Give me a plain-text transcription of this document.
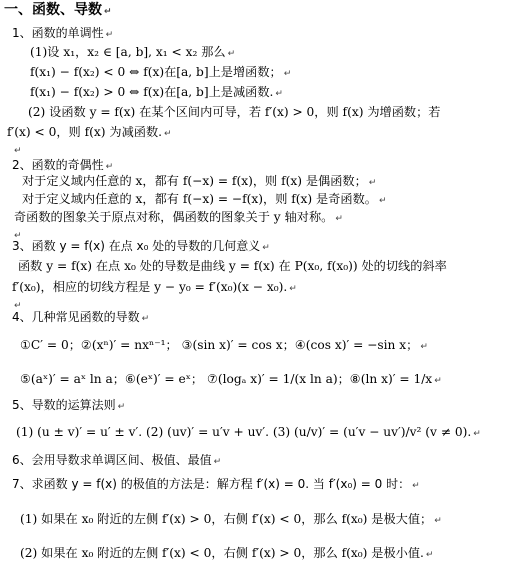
一、函数、导数 ↵
1、函数的单调性 ↵
(1)设 x₁，x₂ ∈ [a, b], x₁ < x₂ 那么 ↵
f(x₁) − f(x₂) < 0 ⇔ f(x)在[a, b]上是增函数； ↵
f(x₁) − f(x₂) > 0 ⇔ f(x)在[a, b]上是减函数. ↵
(2) 设函数 y = f(x) 在某个区间内可导，若 f′(x) > 0，则 f(x) 为增函数；若
f′(x) < 0，则 f(x) 为减函数. ↵
↵
2、函数的奇偶性 ↵
对于定义域内任意的 x，都有 f(−x) = f(x)，则 f(x) 是偶函数； ↵
对于定义域内任意的 x，都有 f(−x) = −f(x)，则 f(x) 是奇函数。 ↵
奇函数的图象关于原点对称，偶函数的图象关于 y 轴对称。 ↵
↵
3、函数 y = f(x) 在点 x₀ 处的导数的几何意义 ↵
函数 y = f(x) 在点 x₀ 处的导数是曲线 y = f(x) 在 P(x₀, f(x₀)) 处的切线的斜率
f′(x₀)，相应的切线方程是 y − y₀ = f′(x₀)(x − x₀). ↵
↵
4、几种常见函数的导数 ↵
①C′ = 0；②(xⁿ)′ = nxⁿ⁻¹； ③(sin x)′ = cos x；④(cos x)′ = −sin x； ↵
⑤(aˣ)′ = aˣ ln a；⑥(eˣ)′ = eˣ； ⑦(logₐ x)′ = 1/(x ln a)；⑧(ln x)′ = 1/x ↵
5、导数的运算法则 ↵
(1) (u ± v)′ = u′ ± v′. (2) (uv)′ = u′v + uv′. (3) (u/v)′ = (u′v − uv′)/v² (v ≠ 0). ↵
6、会用导数求单调区间、极值、最值 ↵
7、求函数 y = f(x) 的极值的方法是：解方程 f′(x) = 0. 当 f′(x₀) = 0 时： ↵
(1) 如果在 x₀ 附近的左侧 f′(x) > 0，右侧 f′(x) < 0，那么 f(x₀) 是极大值； ↵
(2) 如果在 x₀ 附近的左侧 f′(x) < 0，右侧 f′(x) > 0，那么 f(x₀) 是极小值. ↵
